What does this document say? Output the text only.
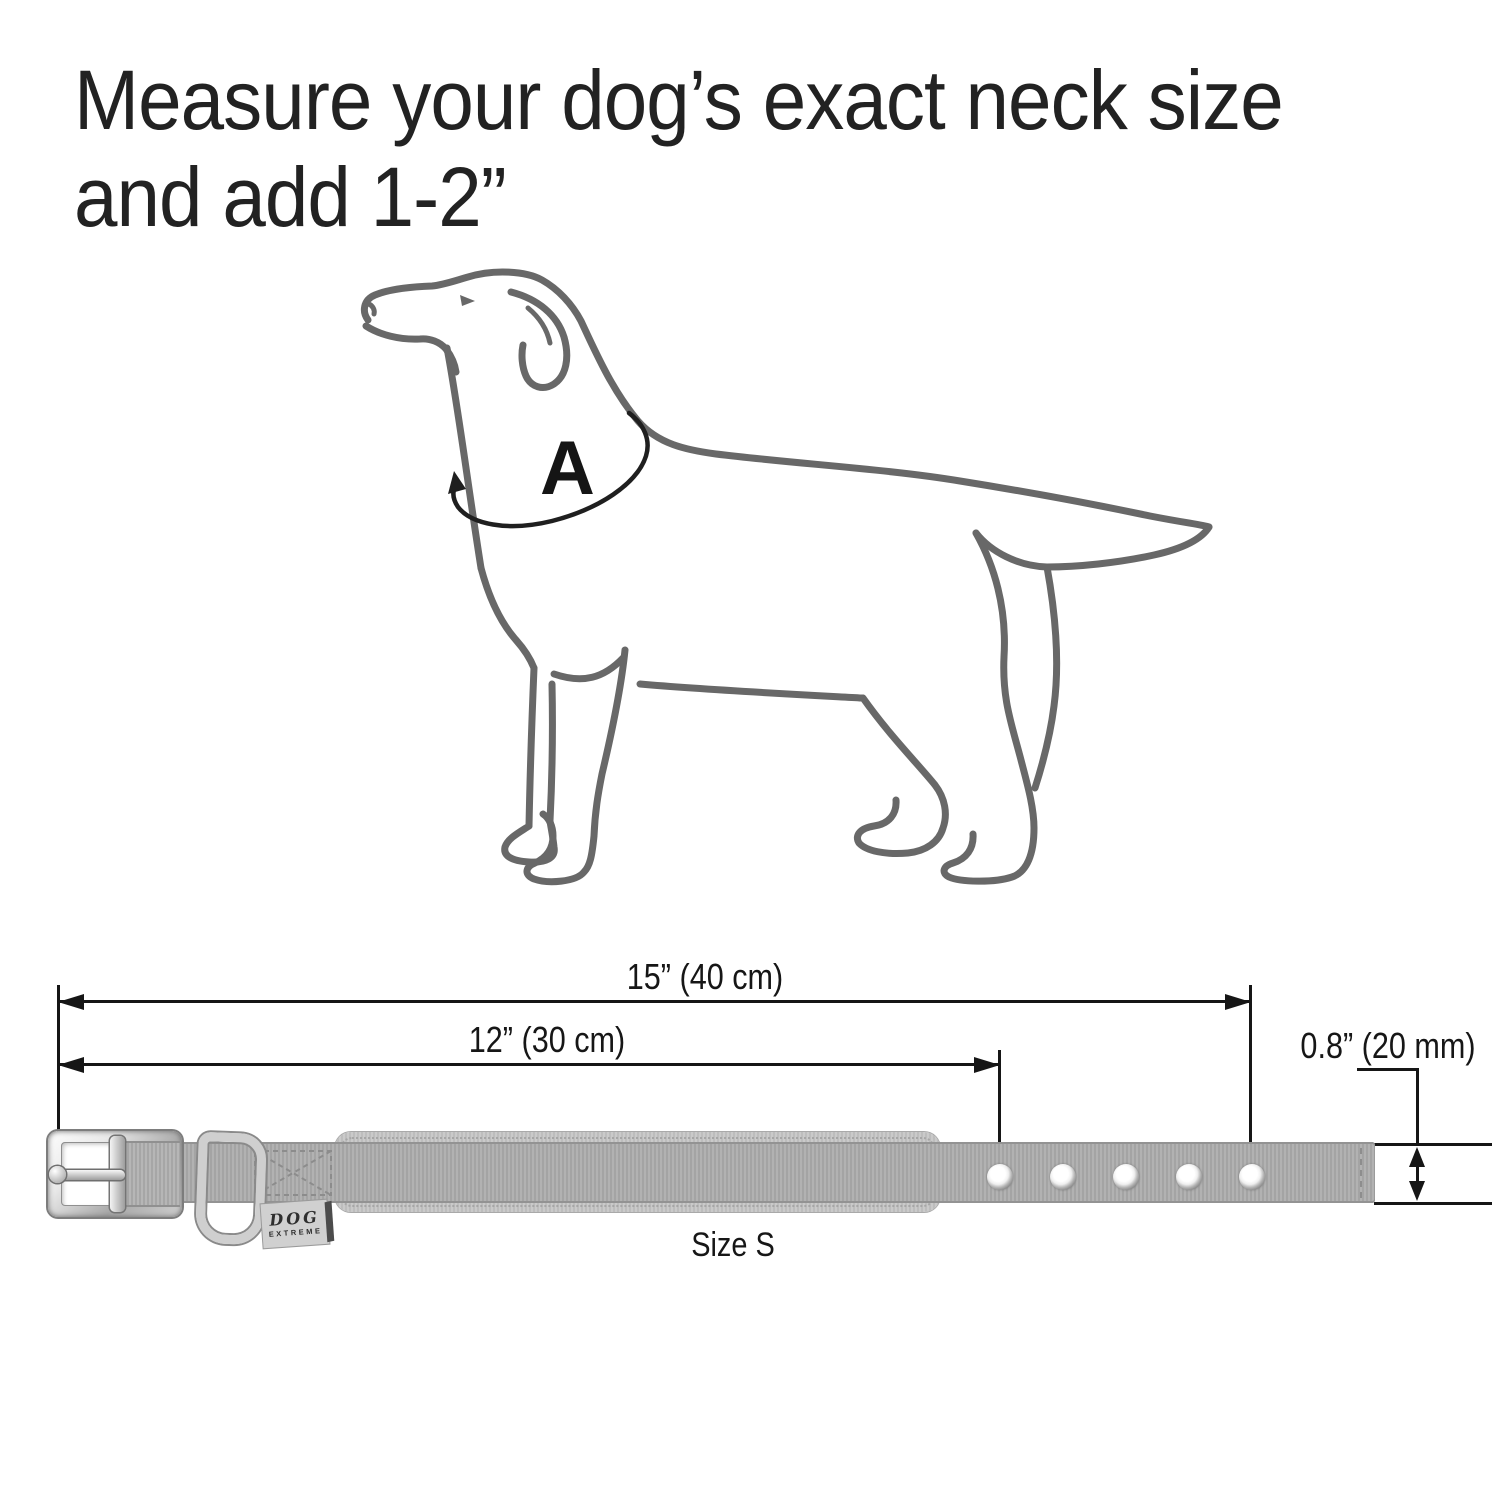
Measure your dog’s exact neck size
and add 1-2”
A
15” (40 cm)
12” (30 cm)	0.8” (20 mm)
DOG
EXTREME	Size S
